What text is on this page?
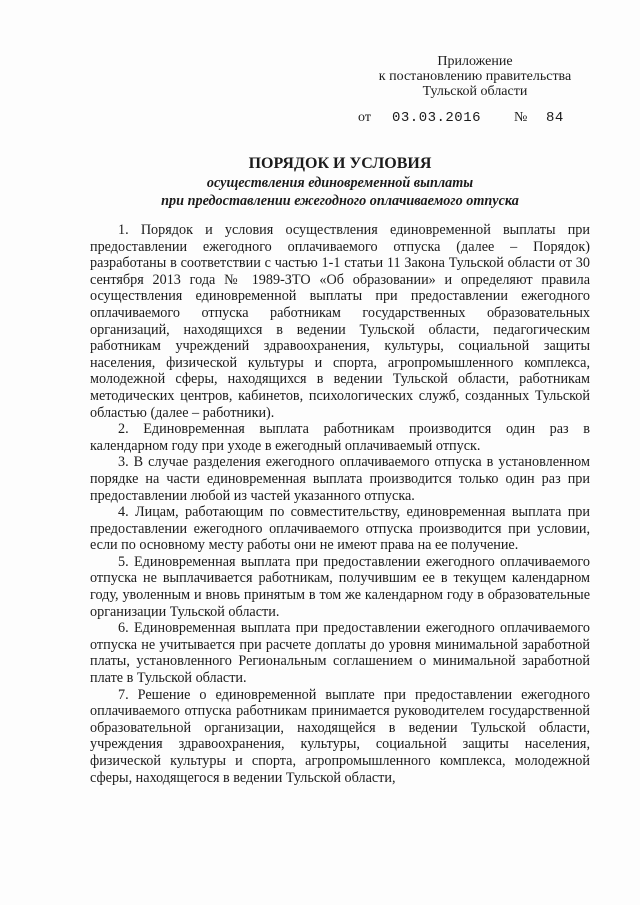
Приложение
к постановлению правительства
Тульской области
от 03.03.2016 № 84
ПОРЯДОК И УСЛОВИЯ
осуществления единовременной выплаты
при предоставлении ежегодного оплачиваемого отпуска

1. Порядок и условия осуществления единовременной выплаты при предоставлении ежегодного оплачиваемого отпуска (далее – Порядок) разработаны в соответствии с частью 1-1 статьи 11 Закона Тульской области от 30 сентября 2013 года № 1989-ЗТО «Об образовании» и определяют правила осуществления единовременной выплаты при предоставлении ежегодного оплачиваемого отпуска работникам государственных образовательных организаций, находящихся в ведении Тульской области, педагогическим работникам учреждений здравоохранения, культуры, социальной защиты населения, физической культуры и спорта, агропромышленного комплекса, молодежной сферы, находящихся в ведении Тульской области, работникам методических центров, кабинетов, психологических служб, созданных Тульской областью (далее – работники).

2. Единовременная выплата работникам производится один раз в календарном году при уходе в ежегодный оплачиваемый отпуск.

3. В случае разделения ежегодного оплачиваемого отпуска в установленном порядке на части единовременная выплата производится только один раз при предоставлении любой из частей указанного отпуска.

4. Лицам, работающим по совместительству, единовременная выплата при предоставлении ежегодного оплачиваемого отпуска производится при условии, если по основному месту работы они не имеют права на ее получение.

5. Единовременная выплата при предоставлении ежегодного оплачиваемого отпуска не выплачивается работникам, получившим ее в текущем календарном году, уволенным и вновь принятым в том же календарном году в образовательные организации Тульской области.

6. Единовременная выплата при предоставлении ежегодного оплачиваемого отпуска не учитывается при расчете доплаты до уровня минимальной заработной платы, установленного Региональным соглашением о минимальной заработной плате в Тульской области.

7. Решение о единовременной выплате при предоставлении ежегодного оплачиваемого отпуска работникам принимается руководителем государственной образовательной организации, находящейся в ведении Тульской области, учреждения здравоохранения, культуры, социальной защиты населения, физической культуры и спорта, агропромышленного комплекса, молодежной сферы, находящегося в ведении Тульской области,
